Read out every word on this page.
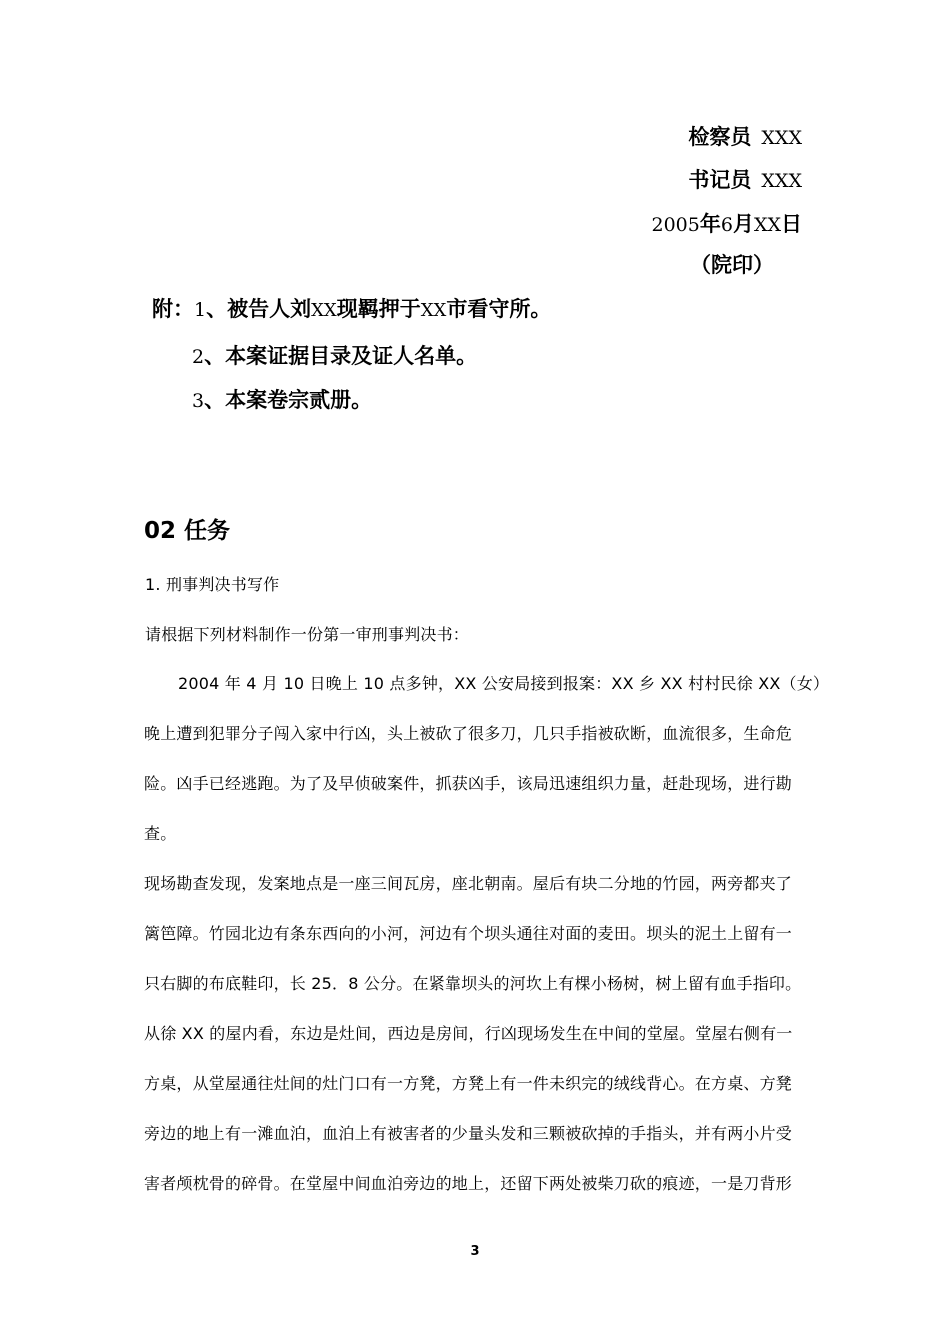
检察员 XXX
书记员 XXX
2005年6月XX日
（院印）
附：1、被告人刘XX现羁押于XX市看守所。
2、本案证据目录及证人名单。
3、本案卷宗贰册。
02 任务
1. 刑事判决书写作
请根据下列材料制作一份第一审刑事判决书：
2004 年 4 月 10 日晚上 10 点多钟，XX 公安局接到报案：XX 乡 XX 村村民徐 XX（女）
晚上遭到犯罪分子闯入家中行凶，头上被砍了很多刀，几只手指被砍断，血流很多，生命危
险。凶手已经逃跑。为了及早侦破案件，抓获凶手，该局迅速组织力量，赶赴现场，进行勘
查。
现场勘查发现，发案地点是一座三间瓦房，座北朝南。屋后有块二分地的竹园，两旁都夹了
篱笆障。竹园北边有条东西向的小河，河边有个坝头通往对面的麦田。坝头的泥土上留有一
只右脚的布底鞋印，长 25．8 公分。在紧靠坝头的河坎上有棵小杨树，树上留有血手指印。
从徐 XX 的屋内看，东边是灶间，西边是房间，行凶现场发生在中间的堂屋。堂屋右侧有一
方桌，从堂屋通往灶间的灶门口有一方凳，方凳上有一件未织完的绒线背心。在方桌、方凳
旁边的地上有一滩血泊，血泊上有被害者的少量头发和三颗被砍掉的手指头，并有两小片受
害者颅枕骨的碎骨。在堂屋中间血泊旁边的地上，还留下两处被柴刀砍的痕迹，一是刀背形
3
